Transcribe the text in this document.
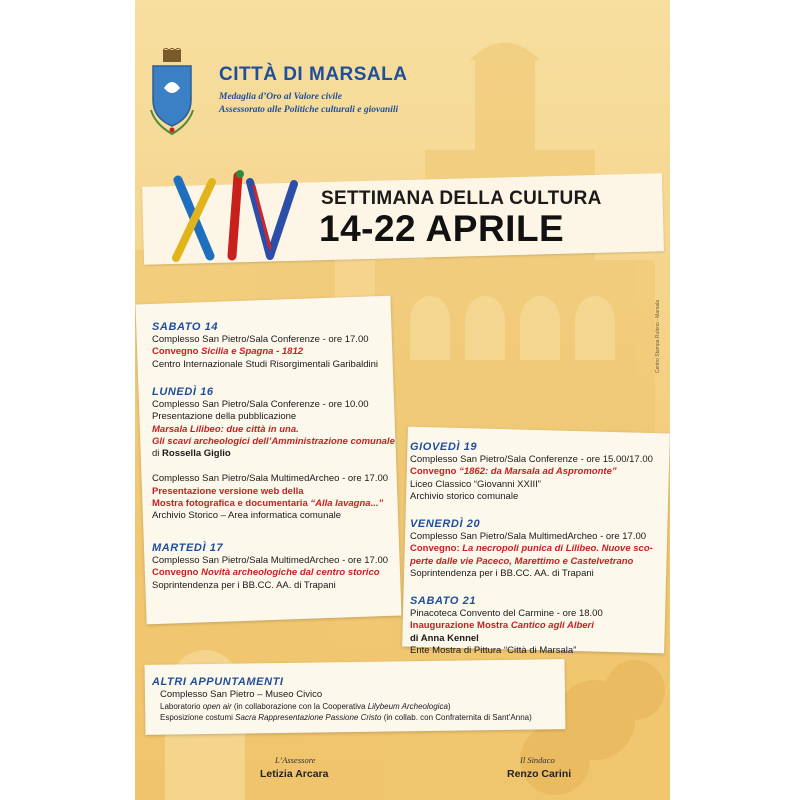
CITTÀ DI MARSALA
Medaglia d’Oro al Valore civile
Assessorato alle Politiche culturali e giovanili
SETTIMANA DELLA CULTURA
14-22 APRILE
Centro Stampa Rubino - Marsala
SABATO 14
Complesso San Pietro/Sala Conferenze - ore 17.00
Convegno Sicilia e Spagna - 1812
Centro Internazionale Studi Risorgimentali Garibaldini
LUNEDÌ 16
Complesso San Pietro/Sala Conferenze - ore 10.00
Presentazione della pubblicazione
Marsala Lilibeo: due città in una.
Gli scavi archeologici dell’Amministrazione comunale
di Rossella Giglio
Complesso San Pietro/Sala MultimedArcheo - ore 17.00
Presentazione versione web della
Mostra fotografica e documentaria “Alla lavagna...”
Archivio Storico – Area informatica comunale
MARTEDÌ 17
Complesso San Pietro/Sala MultimedArcheo - ore 17.00
Convegno Novità archeologiche dal centro storico
Soprintendenza per i BB.CC. AA. di Trapani
GIOVEDÌ 19
Complesso San Pietro/Sala Conferenze - ore 15.00/17.00
Convegno “1862: da Marsala ad Aspromonte”
Liceo Classico “Giovanni XXIII”
Archivio storico comunale
VENERDÌ 20
Complesso San Pietro/Sala MultimedArcheo - ore 17.00
Convegno: La necropoli punica di Lilibeo. Nuove sco-
perte dalle vie Paceco, Marettimo e Castelvetrano
Soprintendenza per i BB.CC. AA. di Trapani
SABATO 21
Pinacoteca Convento del Carmine - ore 18.00
Inaugurazione Mostra Cantico agli Alberi
di Anna Kennel
Ente Mostra di Pittura “Città di Marsala”
ALTRI APPUNTAMENTI
Complesso San Pietro – Museo Civico
Laboratorio open air (in collaborazione con la Cooperativa Lilybeum Archeologica)
Esposizione costumi Sacra Rappresentazione Passione Cristo (in collab. con Confraternita di Sant’Anna)
L’Assessore
Letizia Arcara
Il Sindaco
Renzo Carini
